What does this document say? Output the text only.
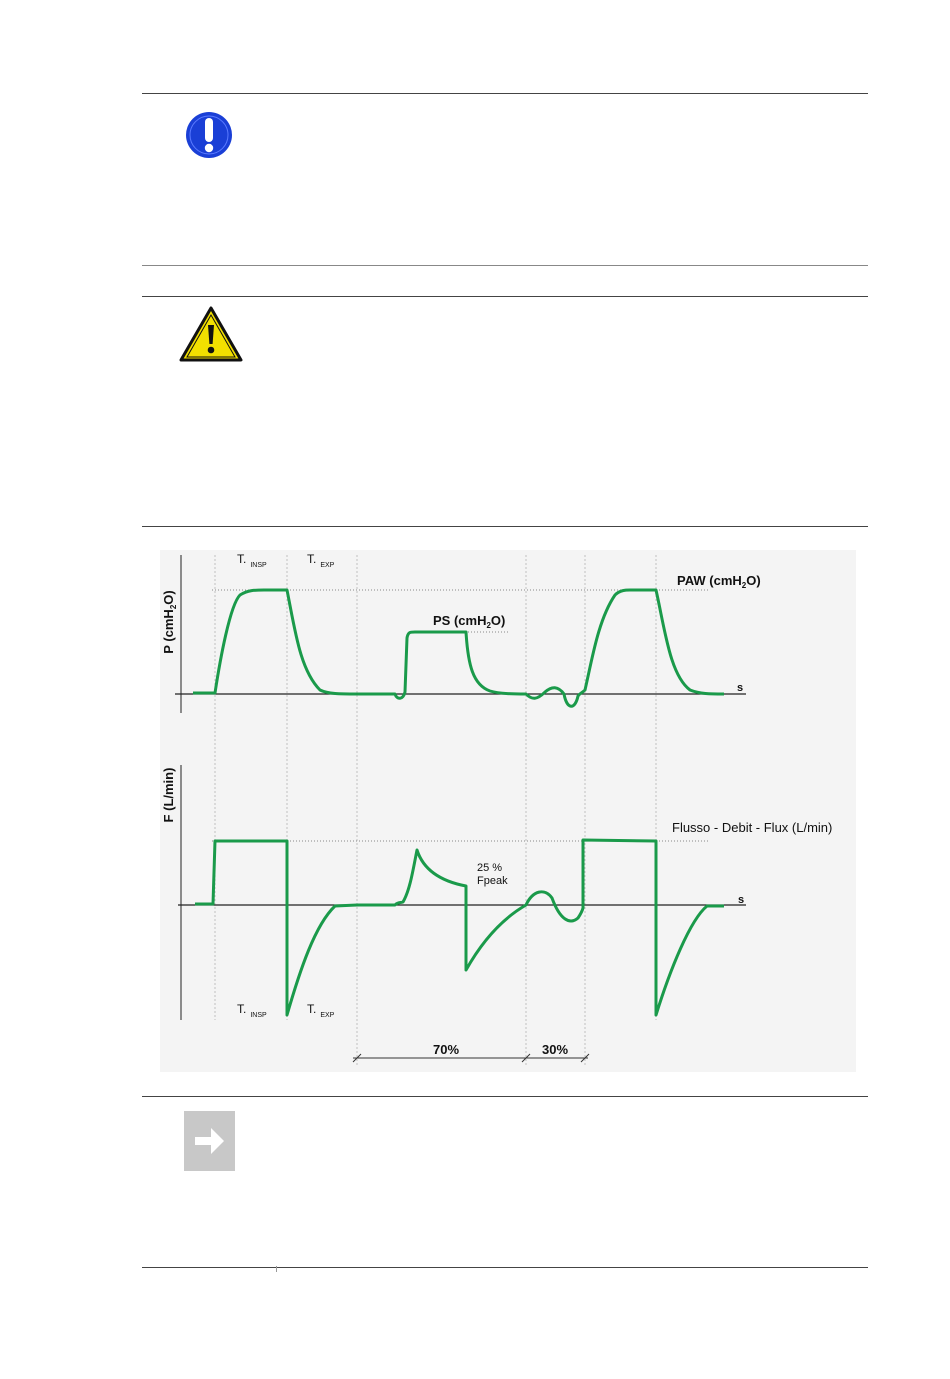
P (cmH$_2$O)
T. $_{INSP}$	T. $_{EXP}$
PAW (cmH$_2$O)
PS (cmH$_2$O)
s
F (L/min)
Flusso - Debit - Flux (L/min)
25 %
Fpeak
s
T. $_{INSP}$	T. $_{EXP}$
70%	30%
